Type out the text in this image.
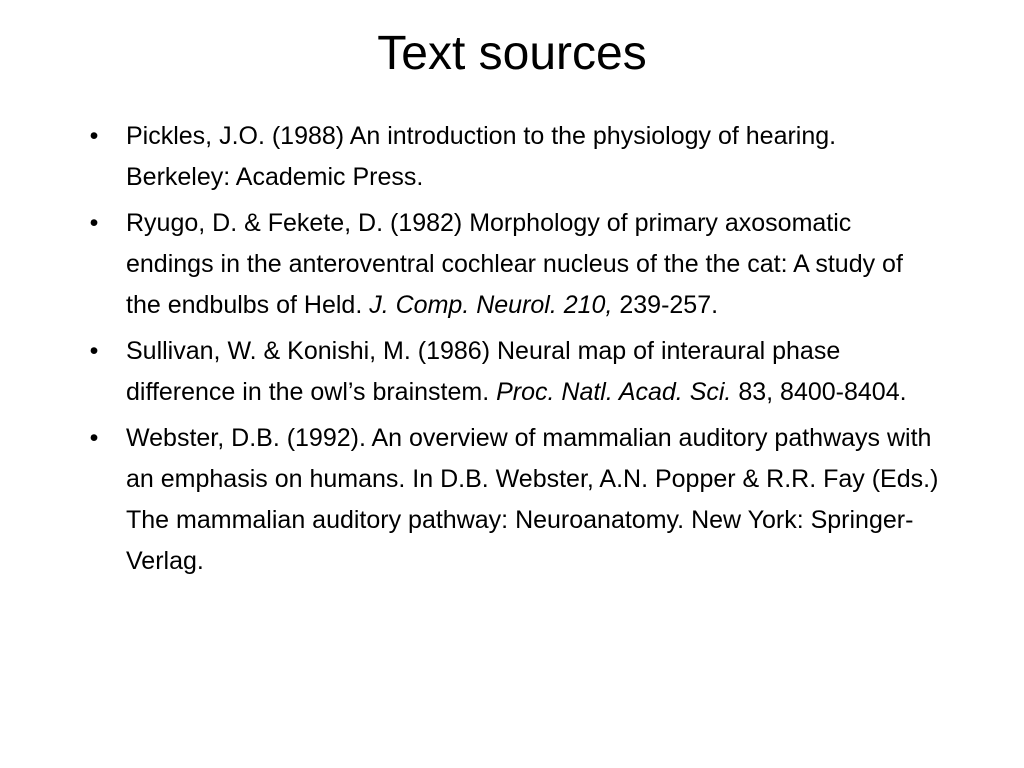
Text sources
• Pickles, J.O. (1988) An introduction to the physiology of hearing. Berkeley: Academic Press.
• Ryugo, D. & Fekete, D. (1982) Morphology of primary axosomatic endings in the anteroventral cochlear nucleus of the the cat: A study of the endbulbs of Held. J. Comp. Neurol. 210, 239-257.
• Sullivan, W. & Konishi, M. (1986) Neural map of interaural phase difference in the owl’s brainstem. Proc. Natl. Acad. Sci. 83, 8400-8404.
• Webster, D.B. (1992). An overview of mammalian auditory pathways with an emphasis on humans. In D.B. Webster, A.N. Popper & R.R. Fay (Eds.) The mammalian auditory pathway: Neuroanatomy. New York: Springer-Verlag.
